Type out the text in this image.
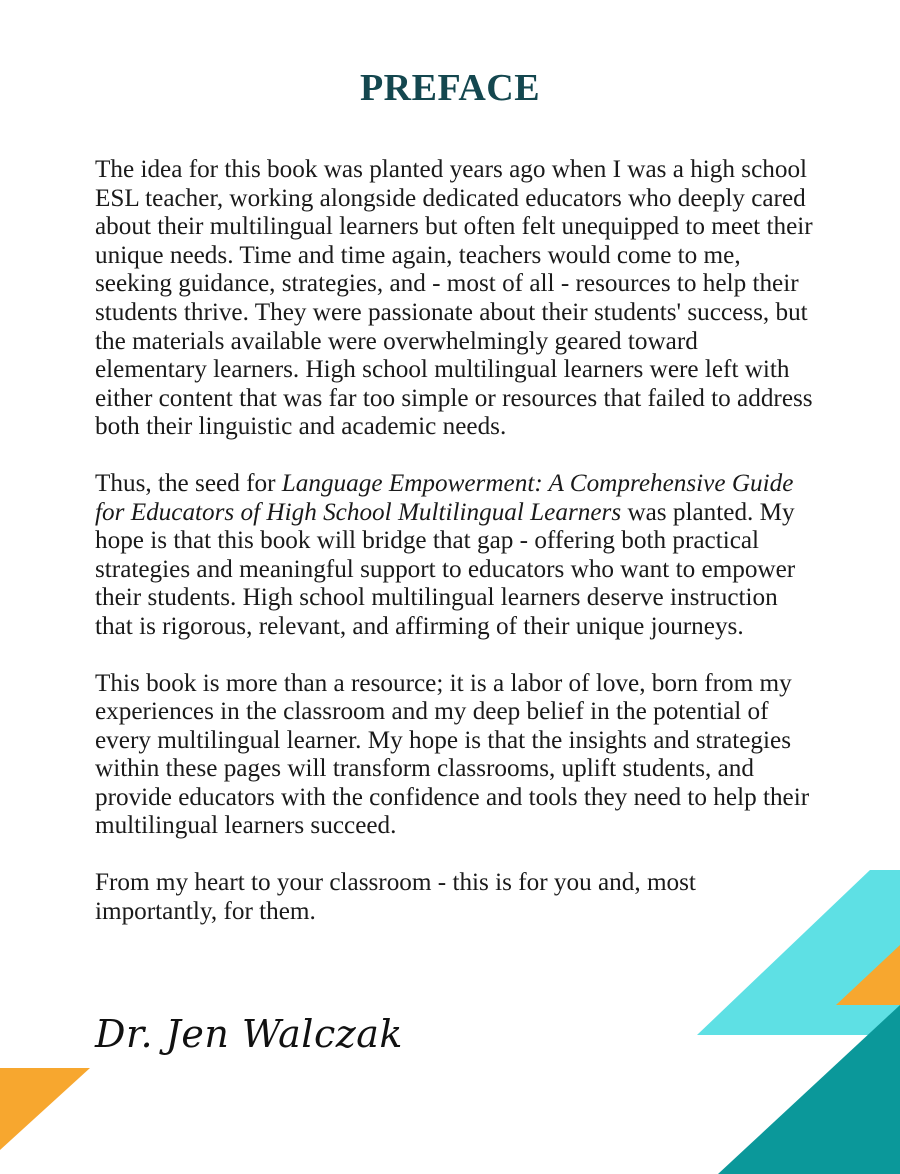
PREFACE

The idea for this book was planted years ago when I was a high school ESL teacher, working alongside dedicated educators who deeply cared about their multilingual learners but often felt unequipped to meet their unique needs. Time and time again, teachers would come to me, seeking guidance, strategies, and - most of all - resources to help their students thrive. They were passionate about their students' success, but the materials available were overwhelmingly geared toward elementary learners. High school multilingual learners were left with either content that was far too simple or resources that failed to address both their linguistic and academic needs.

Thus, the seed for Language Empowerment: A Comprehensive Guide for Educators of High School Multilingual Learners was planted. My hope is that this book will bridge that gap - offering both practical strategies and meaningful support to educators who want to empower their students. High school multilingual learners deserve instruction that is rigorous, relevant, and affirming of their unique journeys.

This book is more than a resource; it is a labor of love, born from my experiences in the classroom and my deep belief in the potential of every multilingual learner. My hope is that the insights and strategies within these pages will transform classrooms, uplift students, and provide educators with the confidence and tools they need to help their multilingual learners succeed.

From my heart to your classroom - this is for you and, most importantly, for them.

Dr. Jen Walczak
